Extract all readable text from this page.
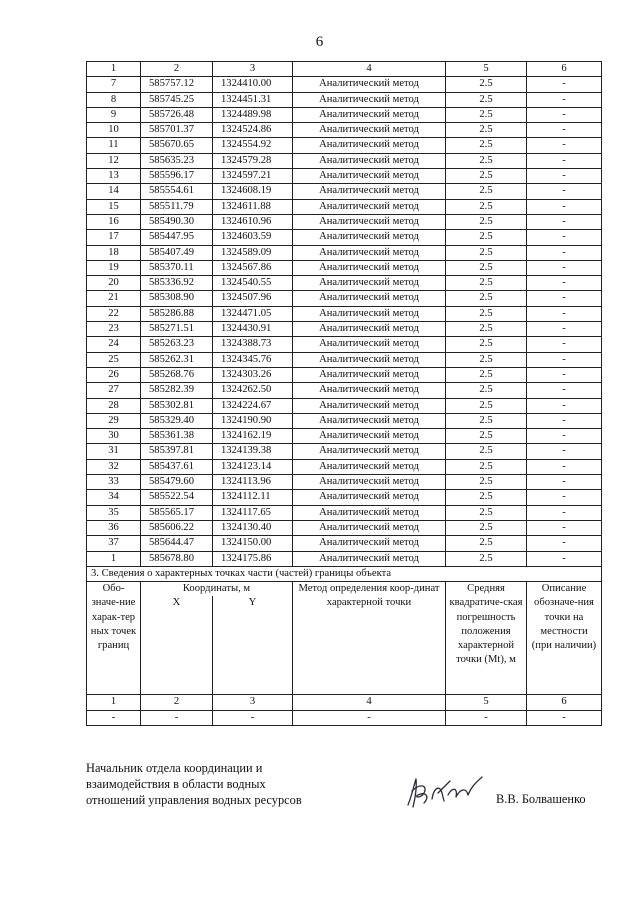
6
1	2	3	4	5	6
7	585757.12	1324410.00	Аналитический метод	2.5	-
8	585745.25	1324451.31	Аналитический метод	2.5	-
9	585726.48	1324489.98	Аналитический метод	2.5	-
10	585701.37	1324524.86	Аналитический метод	2.5	-
11	585670.65	1324554.92	Аналитический метод	2.5	-
12	585635.23	1324579.28	Аналитический метод	2.5	-
13	585596.17	1324597.21	Аналитический метод	2.5	-
14	585554.61	1324608.19	Аналитический метод	2.5	-
15	585511.79	1324611.88	Аналитический метод	2.5	-
16	585490.30	1324610.96	Аналитический метод	2.5	-
17	585447.95	1324603.59	Аналитический метод	2.5	-
18	585407.49	1324589.09	Аналитический метод	2.5	-
19	585370.11	1324567.86	Аналитический метод	2.5	-
20	585336.92	1324540.55	Аналитический метод	2.5	-
21	585308.90	1324507.96	Аналитический метод	2.5	-
22	585286.88	1324471.05	Аналитический метод	2.5	-
23	585271.51	1324430.91	Аналитический метод	2.5	-
24	585263.23	1324388.73	Аналитический метод	2.5	-
25	585262.31	1324345.76	Аналитический метод	2.5	-
26	585268.76	1324303.26	Аналитический метод	2.5	-
27	585282.39	1324262.50	Аналитический метод	2.5	-
28	585302.81	1324224.67	Аналитический метод	2.5	-
29	585329.40	1324190.90	Аналитический метод	2.5	-
30	585361.38	1324162.19	Аналитический метод	2.5	-
31	585397.81	1324139.38	Аналитический метод	2.5	-
32	585437.61	1324123.14	Аналитический метод	2.5	-
33	585479.60	1324113.96	Аналитический метод	2.5	-
34	585522.54	1324112.11	Аналитический метод	2.5	-
35	585565.17	1324117.65	Аналитический метод	2.5	-
36	585606.22	1324130.40	Аналитический метод	2.5	-
37	585644.47	1324150.00	Аналитический метод	2.5	-
1	585678.80	1324175.86	Аналитический метод	2.5	-
3. Сведения о характерных точках части (частей) границы объекта					
Обо-значе-ние харак-тер ных точек границ	Координаты, м		Метод определения коор-динат характерной точки	Средняя квадратиче-ская погрешность положения характерной точки (Mt), м	Описание обозначе-ния точки на местности (при наличии)
	X	Y			
1	2	3	4	5	6
-	-	-	-	-	-
Начальник отдела координации и
взаимодействия в области водных
отношений управления водных ресурсов	В.В. Болвашенко
